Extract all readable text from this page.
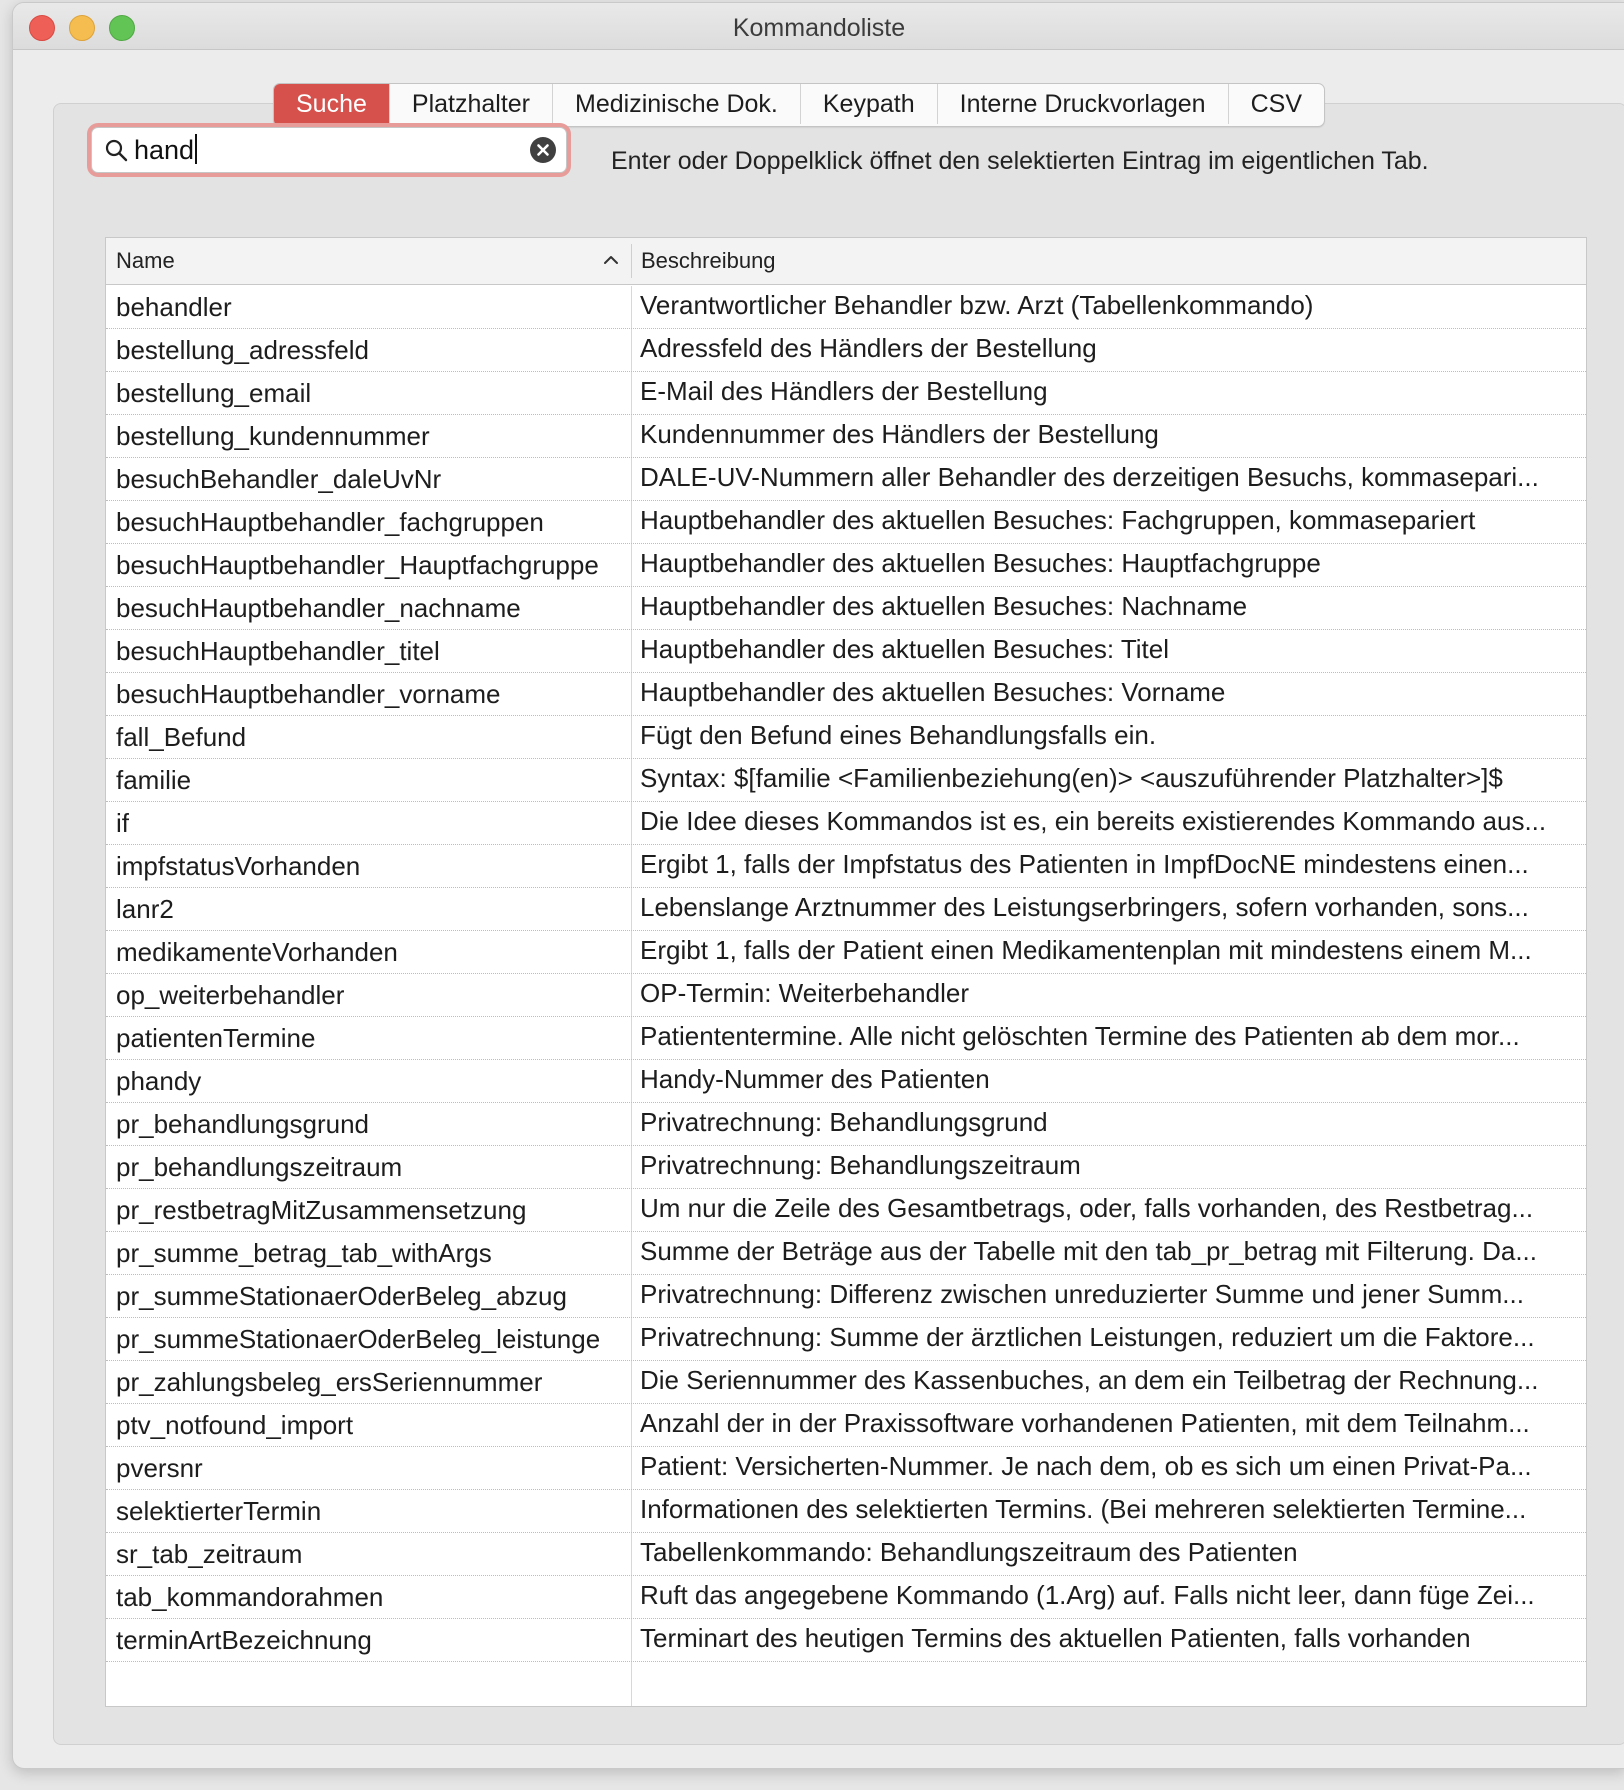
Kommandoliste
Suche	Platzhalter	Medizinische Dok.	Keypath	Interne Druckvorlagen	CSV
hand	Enter oder Doppelklick öffnet den selektierten Eintrag im eigentlichen Tab.
Name	Beschreibung
behandler	Verantwortlicher Behandler bzw. Arzt (Tabellenkommando)
bestellung_adressfeld	Adressfeld des Händlers der Bestellung
bestellung_email	E-Mail des Händlers der Bestellung
bestellung_kundennummer	Kundennummer des Händlers der Bestellung
besuchBehandler_daleUvNr	DALE-UV-Nummern aller Behandler des derzeitigen Besuchs, kommasepari...
besuchHauptbehandler_fachgruppen	Hauptbehandler des aktuellen Besuches: Fachgruppen, kommasepariert
besuchHauptbehandler_Hauptfachgruppe	Hauptbehandler des aktuellen Besuches: Hauptfachgruppe
besuchHauptbehandler_nachname	Hauptbehandler des aktuellen Besuches: Nachname
besuchHauptbehandler_titel	Hauptbehandler des aktuellen Besuches: Titel
besuchHauptbehandler_vorname	Hauptbehandler des aktuellen Besuches: Vorname
fall_Befund	Fügt den Befund eines Behandlungsfalls ein.
familie	Syntax: $[familie <Familienbeziehung(en)> <auszuführender Platzhalter>]$
if	Die Idee dieses Kommandos ist es, ein bereits existierendes Kommando aus...
impfstatusVorhanden	Ergibt 1, falls der Impfstatus des Patienten in ImpfDocNE mindestens einen...
lanr2	Lebenslange Arztnummer des Leistungserbringers, sofern vorhanden, sons...
medikamenteVorhanden	Ergibt 1, falls der Patient einen Medikamentenplan mit mindestens einem M...
op_weiterbehandler	OP-Termin: Weiterbehandler
patientenTermine	Patiententermine. Alle nicht gelöschten Termine des Patienten ab dem mor...
phandy	Handy-Nummer des Patienten
pr_behandlungsgrund	Privatrechnung: Behandlungsgrund
pr_behandlungszeitraum	Privatrechnung: Behandlungszeitraum
pr_restbetragMitZusammensetzung	Um nur die Zeile des Gesamtbetrags, oder, falls vorhanden, des Restbetrag...
pr_summe_betrag_tab_withArgs	Summe der Beträge aus der Tabelle mit den tab_pr_betrag mit Filterung. Da...
pr_summeStationaerOderBeleg_abzug	Privatrechnung: Differenz zwischen unreduzierter Summe und jener Summ...
pr_summeStationaerOderBeleg_leistunge	Privatrechnung: Summe der ärztlichen Leistungen, reduziert um die Faktore...
pr_zahlungsbeleg_ersSeriennummer	Die Seriennummer des Kassenbuches, an dem ein Teilbetrag der Rechnung...
ptv_notfound_import	Anzahl der in der Praxissoftware vorhandenen Patienten, mit dem Teilnahm...
pversnr	Patient: Versicherten-Nummer. Je nach dem, ob es sich um einen Privat-Pa...
selektierterTermin	Informationen des selektierten Termins. (Bei mehreren selektierten Termine...
sr_tab_zeitraum	Tabellenkommando: Behandlungszeitraum des Patienten
tab_kommandorahmen	Ruft das angegebene Kommando (1.Arg) auf. Falls nicht leer, dann füge Zei...
terminArtBezeichnung	Terminart des heutigen Termins des aktuellen Patienten, falls vorhanden
